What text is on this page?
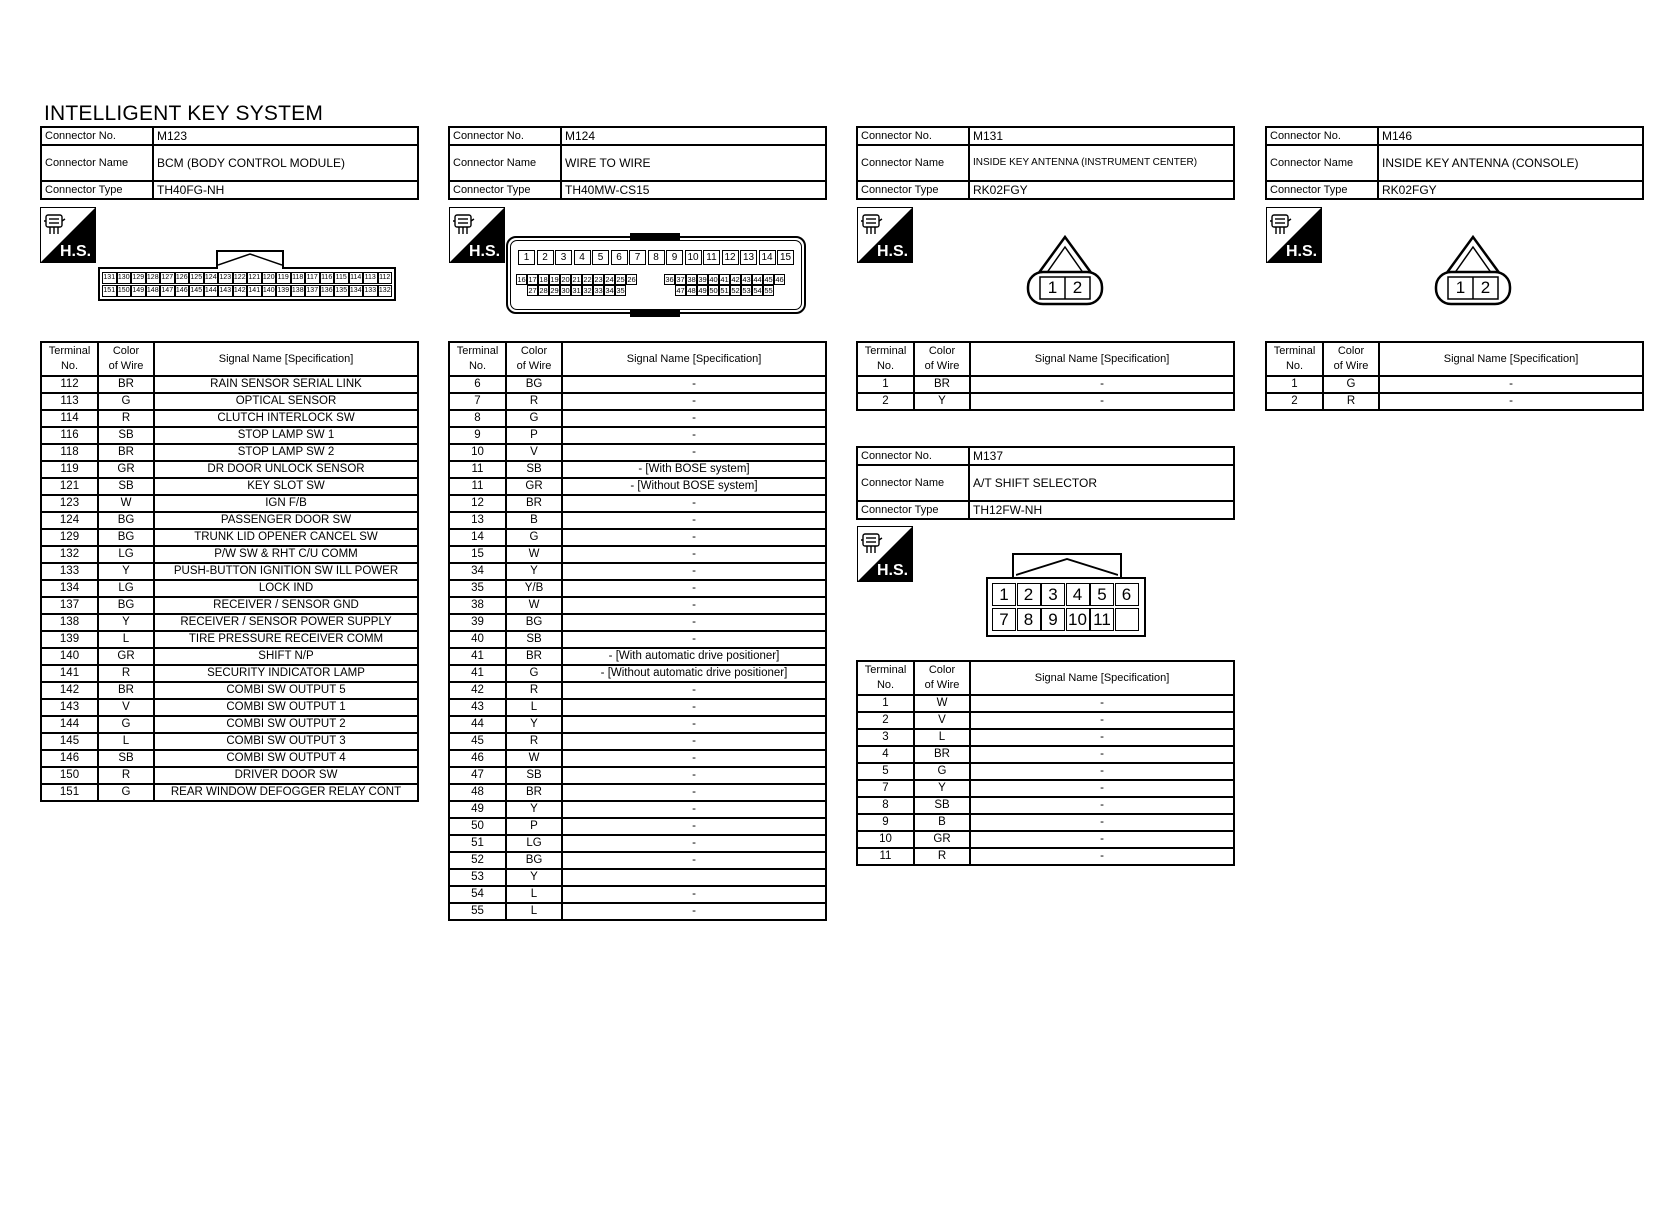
INTELLIGENT KEY SYSTEM
Connector No.	M123
Connector Name	BCM (BODY CONTROL MODULE)
Connector Type	TH40FG-NH
H.S.
131 130 129 128 127 126 125 124 123 122 121 120 119 118 117 116 115 114 113 112
151 150 149 148 147 146 145 144 143 142 141 140 139 138 137 136 135 134 133 132
Terminal
No.	Color
of Wire	Signal Name [Specification]
112	BR	RAIN SENSOR SERIAL LINK
113	G	OPTICAL SENSOR
114	R	CLUTCH INTERLOCK SW
116	SB	STOP LAMP SW 1
118	BR	STOP LAMP SW 2
119	GR	DR DOOR UNLOCK SENSOR
121	SB	KEY SLOT SW
123	W	IGN F/B
124	BG	PASSENGER DOOR SW
129	BG	TRUNK LID OPENER CANCEL SW
132	LG	P/W SW & RHT C/U COMM
133	Y	PUSH-BUTTON IGNITION SW ILL POWER
134	LG	LOCK IND
137	BG	RECEIVER / SENSOR GND
138	Y	RECEIVER / SENSOR POWER SUPPLY
139	L	TIRE PRESSURE RECEIVER COMM
140	GR	SHIFT N/P
141	R	SECURITY INDICATOR LAMP
142	BR	COMBI SW OUTPUT 5
143	V	COMBI SW OUTPUT 1
144	G	COMBI SW OUTPUT 2
145	L	COMBI SW OUTPUT 3
146	SB	COMBI SW OUTPUT 4
150	R	DRIVER DOOR SW
151	G	REAR WINDOW DEFOGGER RELAY CONT
Connector No.	M124
Connector Name	WIRE TO WIRE
Connector Type	TH40MW-CS15
H.S.	1	2	3	4	5	6	7	8	9	10 11 12 13 14 15
16 17 18 19 20 21 22 23 24 25 26	36 37 38 39 40 41 42 43 44 45 46
27 28 29 30 31 32 33 34 35	47 48 49 50 51 52 53 54 55
Terminal
No.	Color
of Wire	Signal Name [Specification]
6	BG	-
7	R	-
8	G	-
9	P	-
10	V	-
11	SB	- [With BOSE system]
11	GR	- [Without BOSE system]
12	BR	-
13	B	-
14	G	-
15	W	-
34	Y	-
35	Y/B	-
38	W	-
39	BG	-
40	SB	-
41	BR	- [With automatic drive positioner]
41	G	- [Without automatic drive positioner]
42	R	-
43	L	-
44	Y	-
45	R	-
46	W	-
47	SB	-
48	BR	-
49	Y	-
50	P	-
51	LG	-
52	BG	-
53	Y	
54	L	-
55	L	-
Connector No.	M131
Connector Name	INSIDE KEY ANTENNA (INSTRUMENT CENTER)
Connector Type	RK02FGY
H.S.
1 2
Terminal
No.	Color
of Wire	Signal Name [Specification]
1	BR	-
2	Y	-
Connector No.	M137
Connector Name	A/T SHIFT SELECTOR
Connector Type	TH12FW-NH
H.S.
1 2 3 4 5 6
7 8 9 10 11
Terminal
No.	Color
of Wire	Signal Name [Specification]
1	W	-
2	V	-
3	L	-
4	BR	-
5	G	-
7	Y	-
8	SB	-
9	B	-
10	GR	-
11	R	-
Connector No.	M146
Connector Name	INSIDE KEY ANTENNA (CONSOLE)
Connector Type	RK02FGY
H.S.
1 2
Terminal
No.	Color
of Wire	Signal Name [Specification]
1	G	-
2	R	-
